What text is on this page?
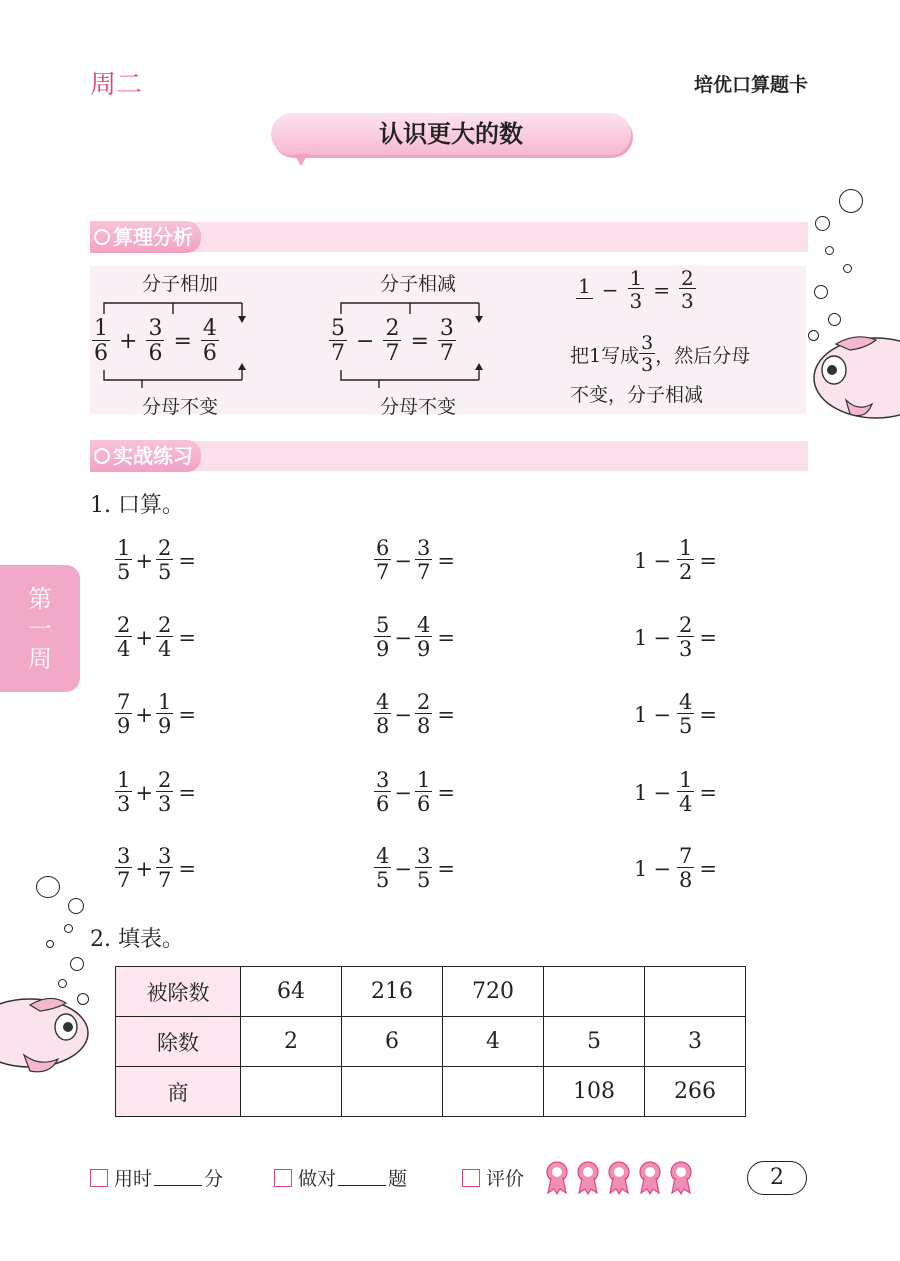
周二	培优口算题卡
认识更大的数
算理分析
分子相加
分母不变
$\frac{1}{6} + \frac{3}{6} = \frac{4}{6}$
分子相减
分母不变
$\frac{5}{7} - \frac{2}{7} = \frac{3}{7}$
$1 - \frac{1}{3} = \frac{2}{3}$
把1写成 $\frac{3}{3}$ ，然后分母
不变，分子相减
实战练习
第
一
周
1. 口算。
$\frac{1}{5} + \frac{2}{5}$ =	$\frac{6}{7} - \frac{3}{7}$ =	$1 - \frac{1}{2}$ =
$\frac{2}{4} + \frac{2}{4}$ =	$\frac{5}{9} - \frac{4}{9}$ =	$1 - \frac{2}{3}$ =
$\frac{7}{9} + \frac{1}{9}$ =	$\frac{4}{8} - \frac{2}{8}$ =	$1 - \frac{4}{5}$ =
$\frac{1}{3} + \frac{2}{3}$ =	$\frac{3}{6} - \frac{1}{6}$ =	$1 - \frac{1}{4}$ =
$\frac{3}{7} + \frac{3}{7}$ =	$\frac{4}{5} - \frac{3}{5}$ =	$1 - \frac{7}{8}$ =
2. 填表。
被除数	64	216	720		
除数	2	6	4	5	3
商				108	266
用时	分	做对	题	评价	2
